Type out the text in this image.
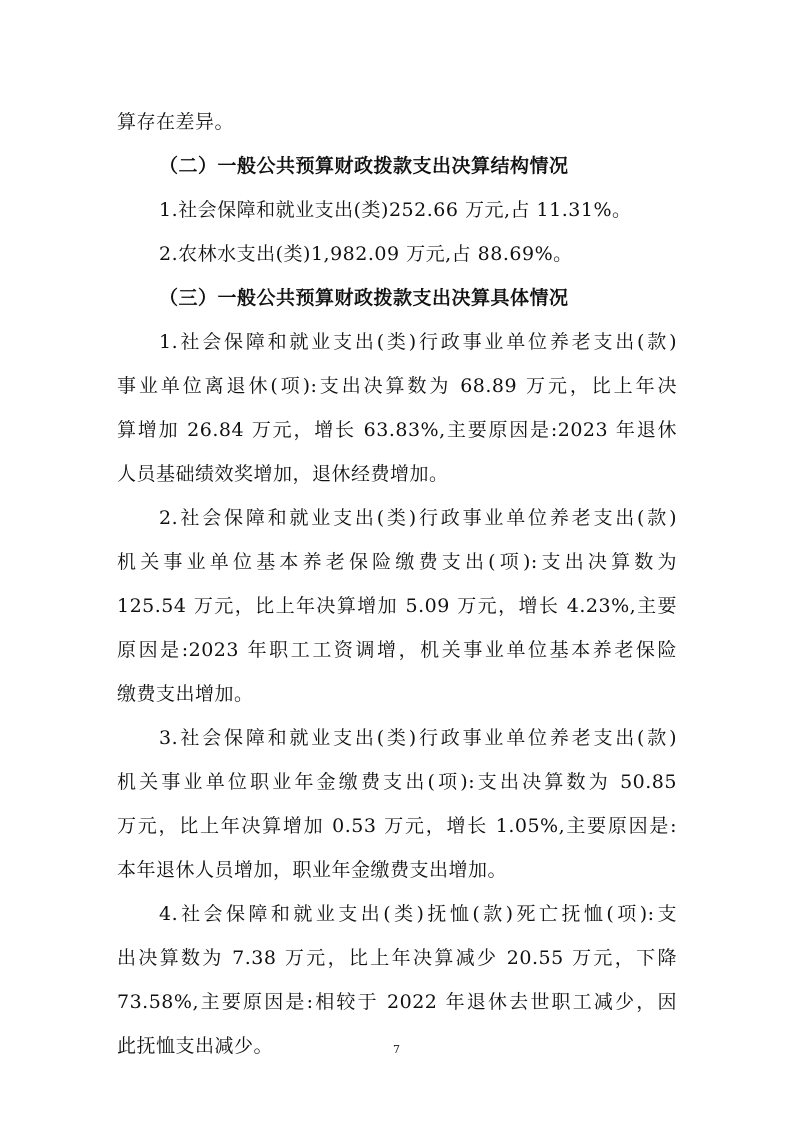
算存在差异。
（二）一般公共预算财政拨款支出决算结构情况
1.社会保障和就业支出(类)252.66 万元,占 11.31%。
2.农林水支出(类)1,982.09 万元,占 88.69%。
（三）一般公共预算财政拨款支出决算具体情况
1.社会保障和就业支出(类)行政事业单位养老支出(款)
事业单位离退休(项):支出决算数为 68.89 万元，比上年决
算增加 26.84 万元，增长 63.83%,主要原因是:2023 年退休
人员基础绩效奖增加，退休经费增加。
2.社会保障和就业支出(类)行政事业单位养老支出(款)
机关事业单位基本养老保险缴费支出(项):支出决算数为
125.54 万元，比上年决算增加 5.09 万元，增长 4.23%,主要
原因是:2023 年职工工资调增，机关事业单位基本养老保险
缴费支出增加。
3.社会保障和就业支出(类)行政事业单位养老支出(款)
机关事业单位职业年金缴费支出(项):支出决算数为 50.85
万元，比上年决算增加 0.53 万元，增长 1.05%,主要原因是:
本年退休人员增加，职业年金缴费支出增加。
4.社会保障和就业支出(类)抚恤(款)死亡抚恤(项):支
出决算数为 7.38 万元，比上年决算减少 20.55 万元，下降
73.58%,主要原因是:相较于 2022 年退休去世职工减少，因
此抚恤支出减少。	7
